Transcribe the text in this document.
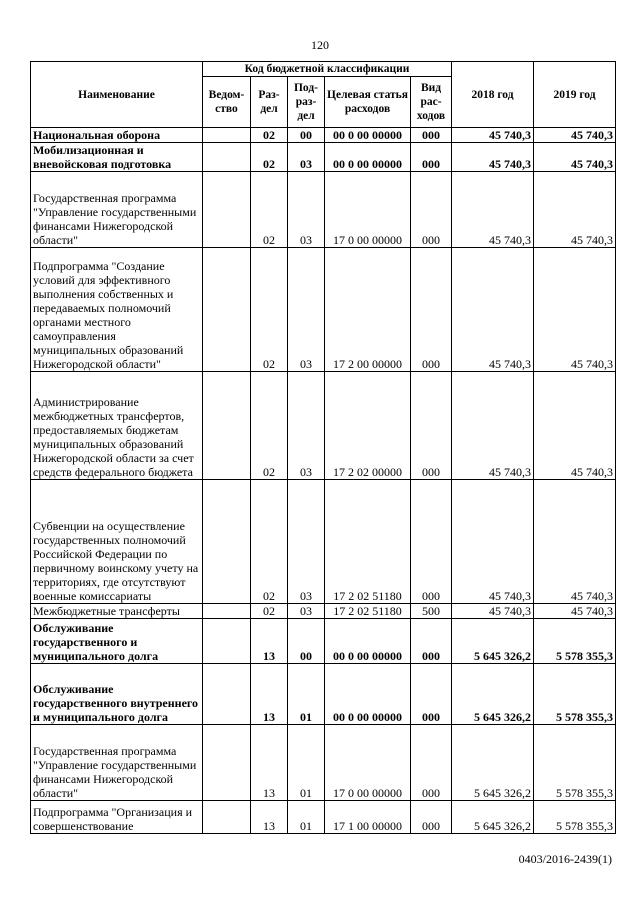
120
Наименование	Код бюджетной классификации					2018 год	2019 год
	Ведом-ство	Раз-дел	Под-раз-дел	Целевая статья расходов	Вид рас-ходов		
Национальная оборона		02	00	00 0 00 00000	000	45 740,3	45 740,3
Мобилизационная и вневойсковая подготовка		02	03	00 0 00 00000	000	45 740,3	45 740,3
Государственная программа "Управление государственными финансами Нижегородской области"		02	03	17 0 00 00000	000	45 740,3	45 740,3
Подпрограмма "Создание условий для эффективного выполнения собственных и передаваемых полномочий органами местного самоуправления муниципальных образований Нижегородской области"		02	03	17 2 00 00000	000	45 740,3	45 740,3
Администрирование межбюджетных трансфертов, предоставляемых бюджетам муниципальных образований Нижегородской области за счет средств федерального бюджета		02	03	17 2 02 00000	000	45 740,3	45 740,3
Субвенции на осуществление государственных полномочий Российской Федерации по первичному воинскому учету на территориях, где отсутствуют военные комиссариаты		02	03	17 2 02 51180	000	45 740,3	45 740,3
Межбюджетные трансферты		02	03	17 2 02 51180	500	45 740,3	45 740,3
Обслуживание государственного и муниципального долга		13	00	00 0 00 00000	000	5 645 326,2	5 578 355,3
Обслуживание государственного внутреннего и муниципального долга		13	01	00 0 00 00000	000	5 645 326,2	5 578 355,3
Государственная программа "Управление государственными финансами Нижегородской области"		13	01	17 0 00 00000	000	5 645 326,2	5 578 355,3
Подпрограмма "Организация и совершенствование		13	01	17 1 00 00000	000	5 645 326,2	5 578 355,3
0403/2016-2439(1)
